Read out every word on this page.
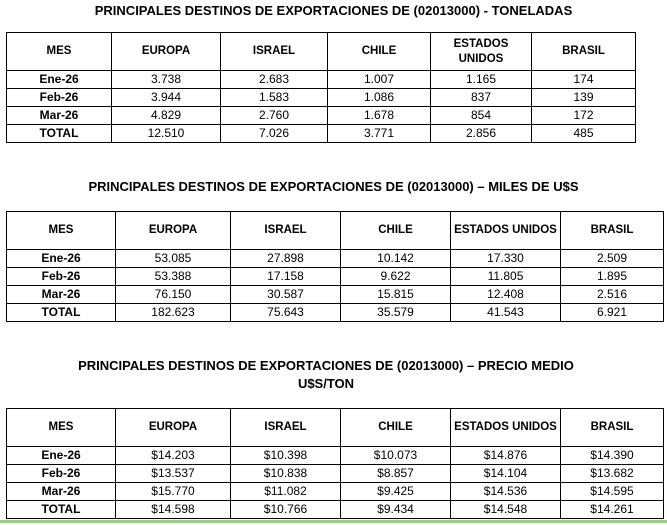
PRINCIPALES DESTINOS DE EXPORTACIONES DE (02013000) - TONELADAS
MES	EUROPA	ISRAEL	CHILE	ESTADOS UNIDOS	BRASIL
Ene-26	3.738	2.683	1.007	1.165	174
Feb-26	3.944	1.583	1.086	837	139
Mar-26	4.829	2.760	1.678	854	172
TOTAL	12.510	7.026	3.771	2.856	485
PRINCIPALES DESTINOS DE EXPORTACIONES DE (02013000) – MILES DE U$S
MES	EUROPA	ISRAEL	CHILE	ESTADOS UNIDOS	BRASIL
Ene-26	53.085	27.898	10.142	17.330	2.509
Feb-26	53.388	17.158	9.622	11.805	1.895
Mar-26	76.150	30.587	15.815	12.408	2.516
TOTAL	182.623	75.643	35.579	41.543	6.921
PRINCIPALES DESTINOS DE EXPORTACIONES DE (02013000) – PRECIO MEDIO
U$S/TON
MES	EUROPA	ISRAEL	CHILE	ESTADOS UNIDOS	BRASIL
Ene-26	$14.203	$10.398	$10.073	$14.876	$14.390
Feb-26	$13.537	$10.838	$8.857	$14.104	$13.682
Mar-26	$15.770	$11.082	$9.425	$14.536	$14.595
TOTAL	$14.598	$10.766	$9.434	$14.548	$14.261
